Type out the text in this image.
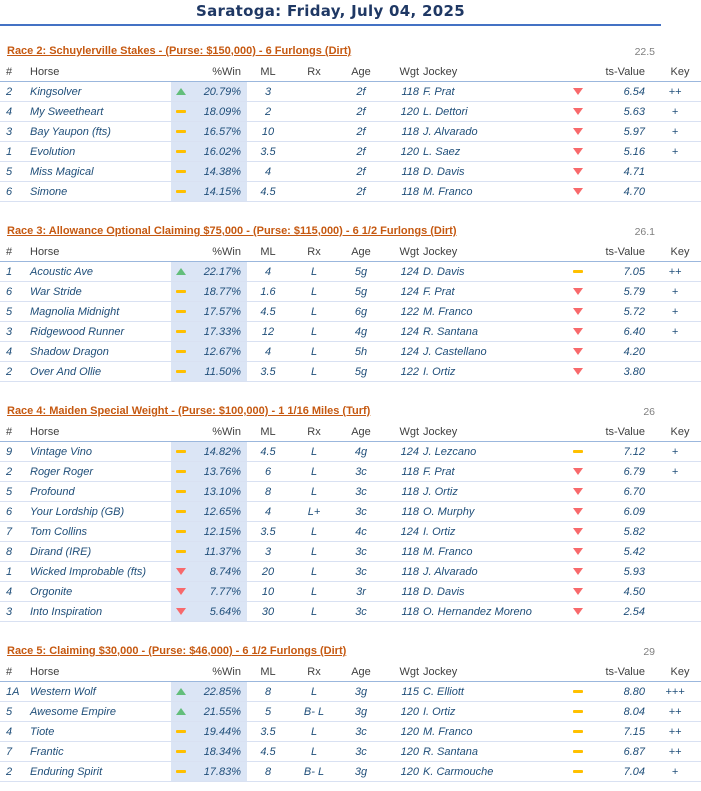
Saratoga: Friday, July 04, 2025
Race 2: Schuylerville Stakes - (Purse: $150,000) - 6 Furlongs (Dirt)	22.5
#	Horse		%Win	ML	Rx	Age	Wgt	Jockey		ts-Value	Key
2	Kingsolver		20.79%	3		2f	118	F. Prat		6.54	++
4	My Sweetheart		18.09%	2		2f	120	L. Dettori		5.63	+
3	Bay Yaupon (fts)		16.57%	10		2f	118	J. Alvarado		5.97	+
1	Evolution		16.02%	3.5		2f	120	L. Saez		5.16	+
5	Miss Magical		14.38%	4		2f	118	D. Davis		4.71	
6	Simone		14.15%	4.5		2f	118	M. Franco		4.70	
Race 3: Allowance Optional Claiming $75,000 - (Purse: $115,000) - 6 1/2 Furlongs (Dirt)	26.1
#	Horse		%Win	ML	Rx	Age	Wgt	Jockey		ts-Value	Key
1	Acoustic Ave		22.17%	4	L	5g	124	D. Davis		7.05	++
6	War Stride		18.77%	1.6	L	5g	124	F. Prat		5.79	+
5	Magnolia Midnight		17.57%	4.5	L	6g	122	M. Franco		5.72	+
3	Ridgewood Runner		17.33%	12	L	4g	124	R. Santana		6.40	+
4	Shadow Dragon		12.67%	4	L	5h	124	J. Castellano		4.20	
2	Over And Ollie		11.50%	3.5	L	5g	122	I. Ortiz		3.80	
Race 4: Maiden Special Weight - (Purse: $100,000) - 1 1/16 Miles (Turf)	26
#	Horse		%Win	ML	Rx	Age	Wgt	Jockey		ts-Value	Key
9	Vintage Vino		14.82%	4.5	L	4g	124	J. Lezcano		7.12	+
2	Roger Roger		13.76%	6	L	3c	118	F. Prat		6.79	+
5	Profound		13.10%	8	L	3c	118	J. Ortiz		6.70	
6	Your Lordship (GB)		12.65%	4	L+	3c	118	O. Murphy		6.09	
7	Tom Collins		12.15%	3.5	L	4c	124	I. Ortiz		5.82	
8	Dirand (IRE)		11.37%	3	L	3c	118	M. Franco		5.42	
1	Wicked Improbable (fts)		8.74%	20	L	3c	118	J. Alvarado		5.93	
4	Orgonite		7.77%	10	L	3r	118	D. Davis		4.50	
3	Into Inspiration		5.64%	30	L	3c	118	O. Hernandez Moreno		2.54	
Race 5: Claiming $30,000 - (Purse: $46,000) - 6 1/2 Furlongs (Dirt)	29
#	Horse		%Win	ML	Rx	Age	Wgt	Jockey		ts-Value	Key
1A	Western Wolf		22.85%	8	L	3g	115	C. Elliott		8.80	+++
5	Awesome Empire		21.55%	5	B- L	3g	120	I. Ortiz		8.04	++
4	Tiote		19.44%	3.5	L	3c	120	M. Franco		7.15	++
7	Frantic		18.34%	4.5	L	3c	120	R. Santana		6.87	++
2	Enduring Spirit		17.83%	8	B- L	3g	120	K. Carmouche		7.04	+
